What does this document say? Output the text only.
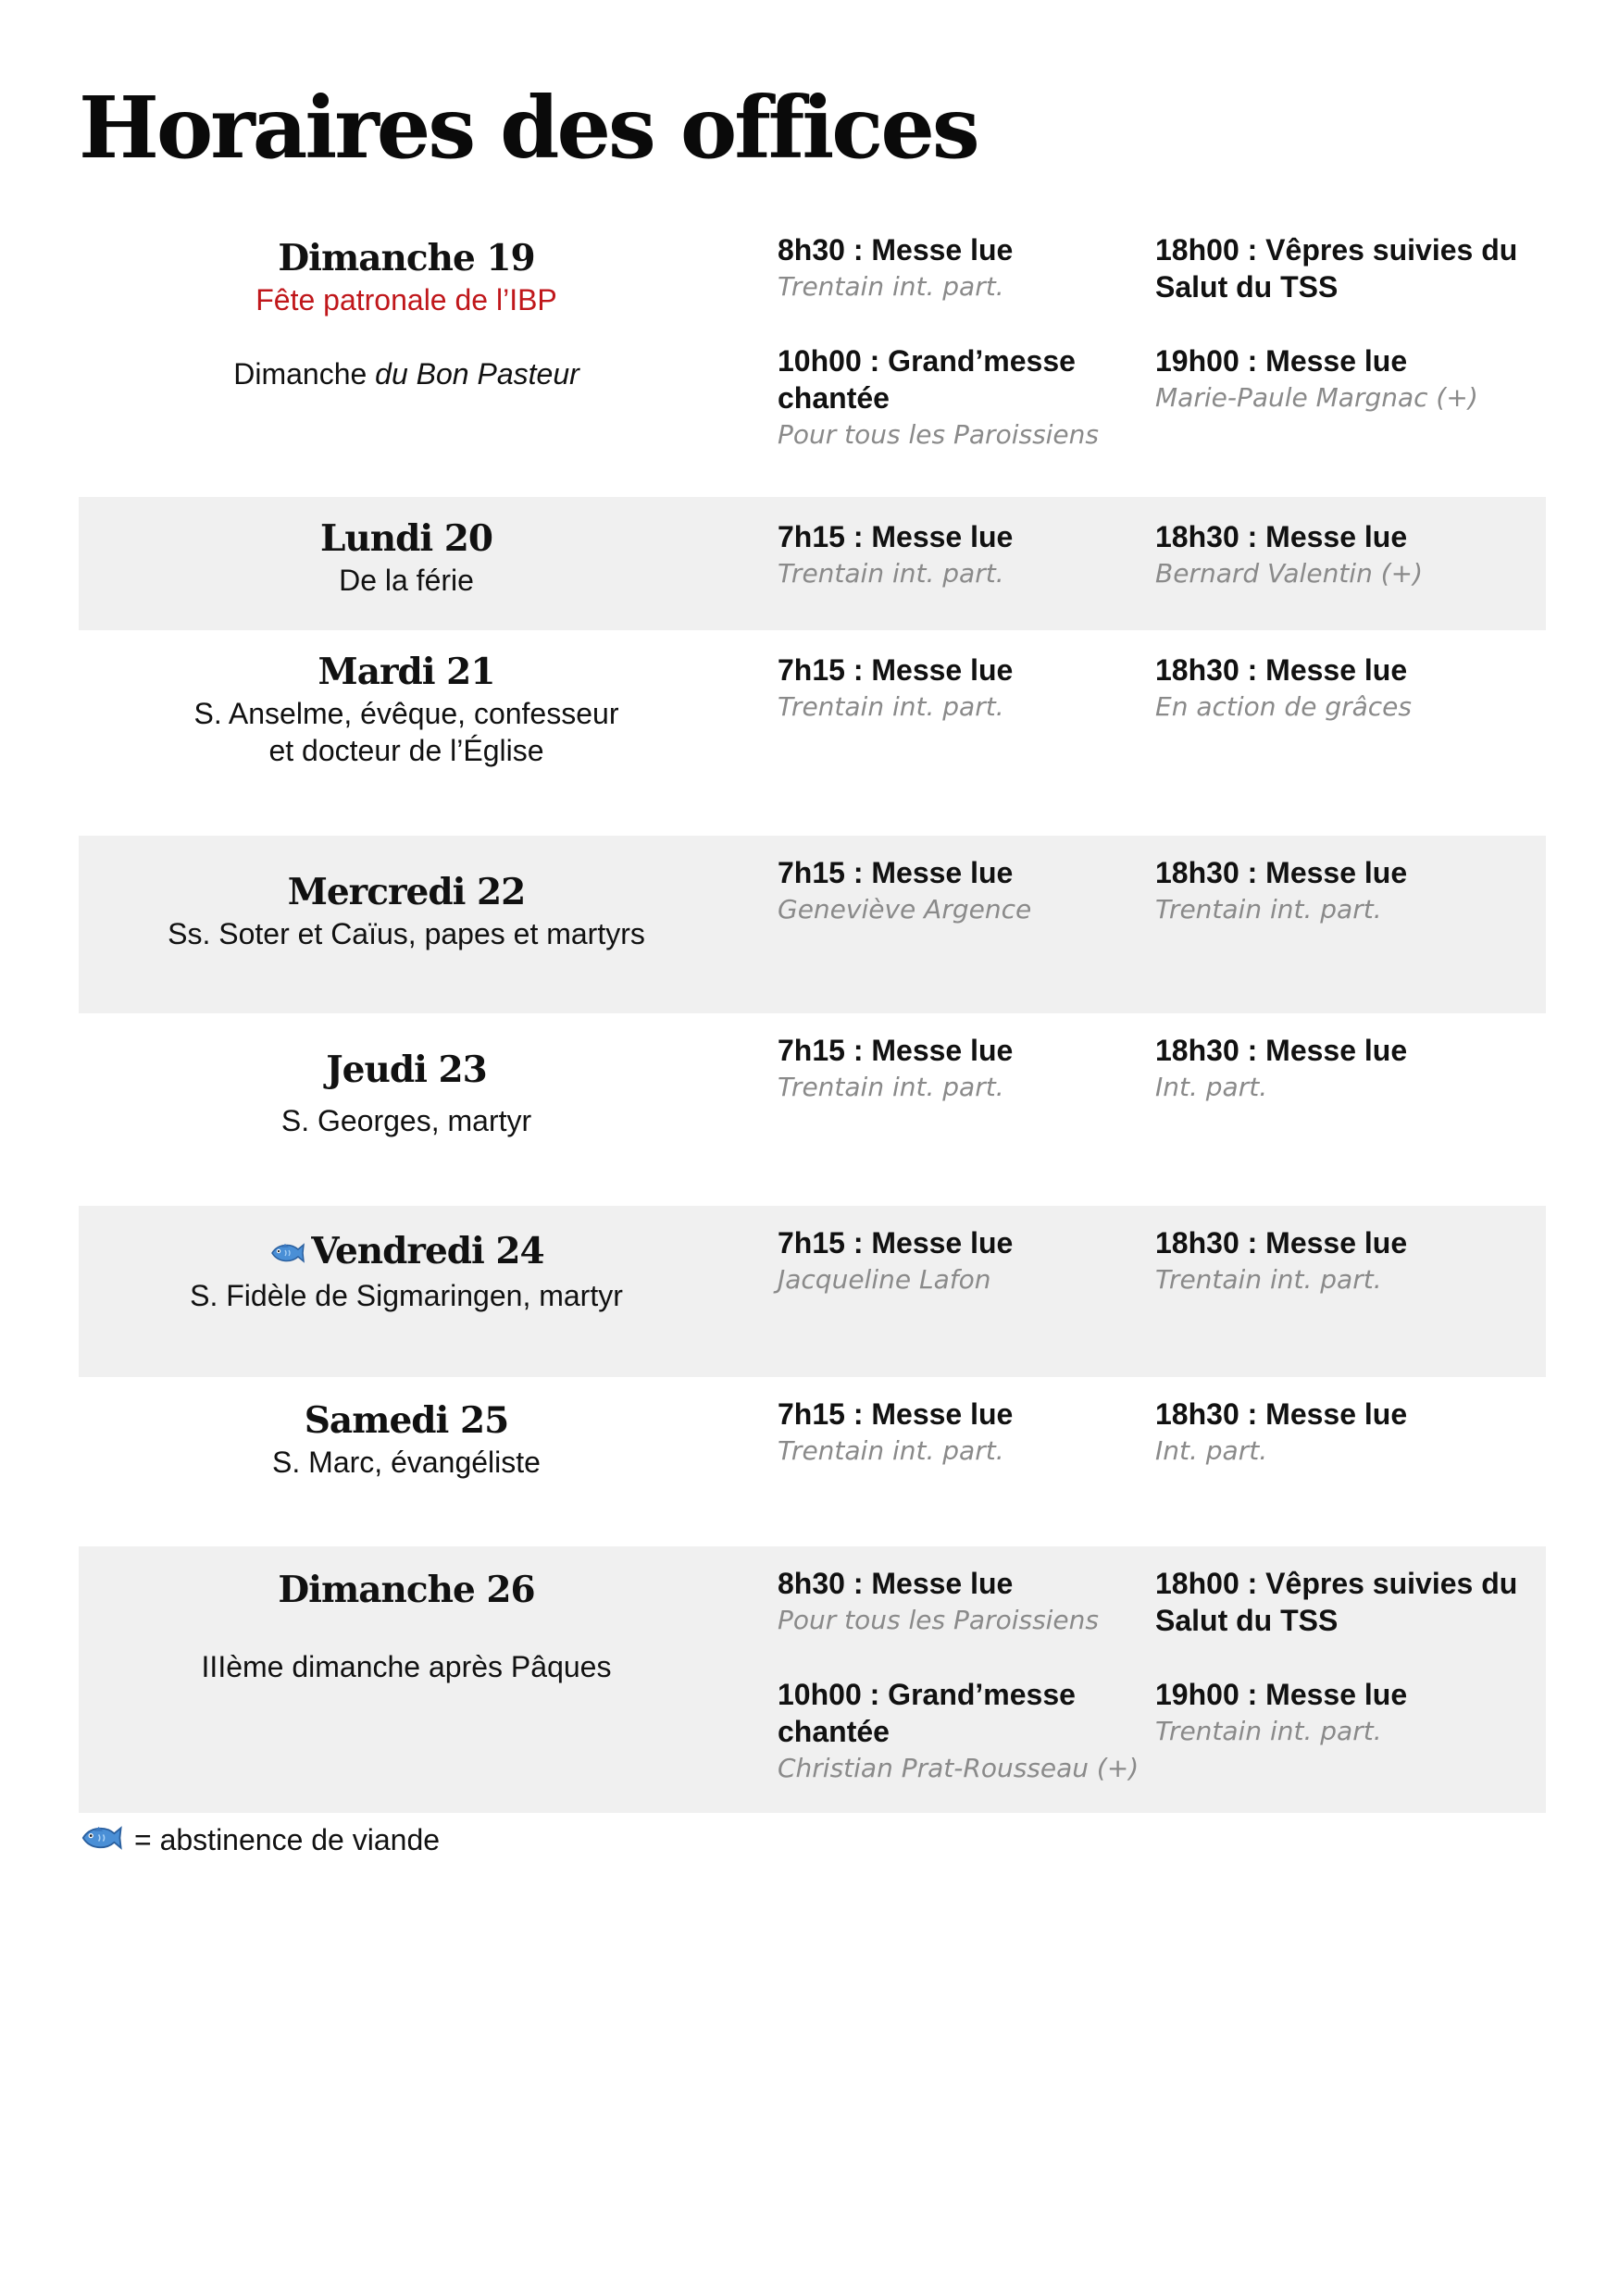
Horaires des offices
Dimanche 19
Fête patronale de l’IBP
Dimanche du Bon Pasteur
8h30 : Messe lue
Trentain int. part.
18h00 : Vêpres suivies du Salut du TSS
10h00 : Grand’messe chantée
Pour tous les Paroissiens
19h00 : Messe lue
Marie-Paule Margnac (+)
Lundi 20
De la férie
7h15 : Messe lue
Trentain int. part.
18h30 : Messe lue
Bernard Valentin (+)
Mardi 21
S. Anselme, évêque, confesseur
et docteur de l’Église
7h15 : Messe lue
Trentain int. part.
18h30 : Messe lue
En action de grâces
Mercredi 22
Ss. Soter et Caïus, papes et martyrs
7h15 : Messe lue
Geneviève Argence
18h30 : Messe lue
Trentain int. part.
Jeudi 23
S. Georges, martyr
7h15 : Messe lue
Trentain int. part.
18h30 : Messe lue
Int. part.
Vendredi 24
S. Fidèle de Sigmaringen, martyr
7h15 : Messe lue
Jacqueline Lafon
18h30 : Messe lue
Trentain int. part.
Samedi 25
S. Marc, évangéliste
7h15 : Messe lue
Trentain int. part.
18h30 : Messe lue
Int. part.
Dimanche 26
IIIème dimanche après Pâques
8h30 : Messe lue
Pour tous les Paroissiens
18h00 : Vêpres suivies du Salut du TSS
10h00 : Grand’messe chantée
Christian Prat-Rousseau (+)
19h00 : Messe lue
Trentain int. part.
= abstinence de viande
